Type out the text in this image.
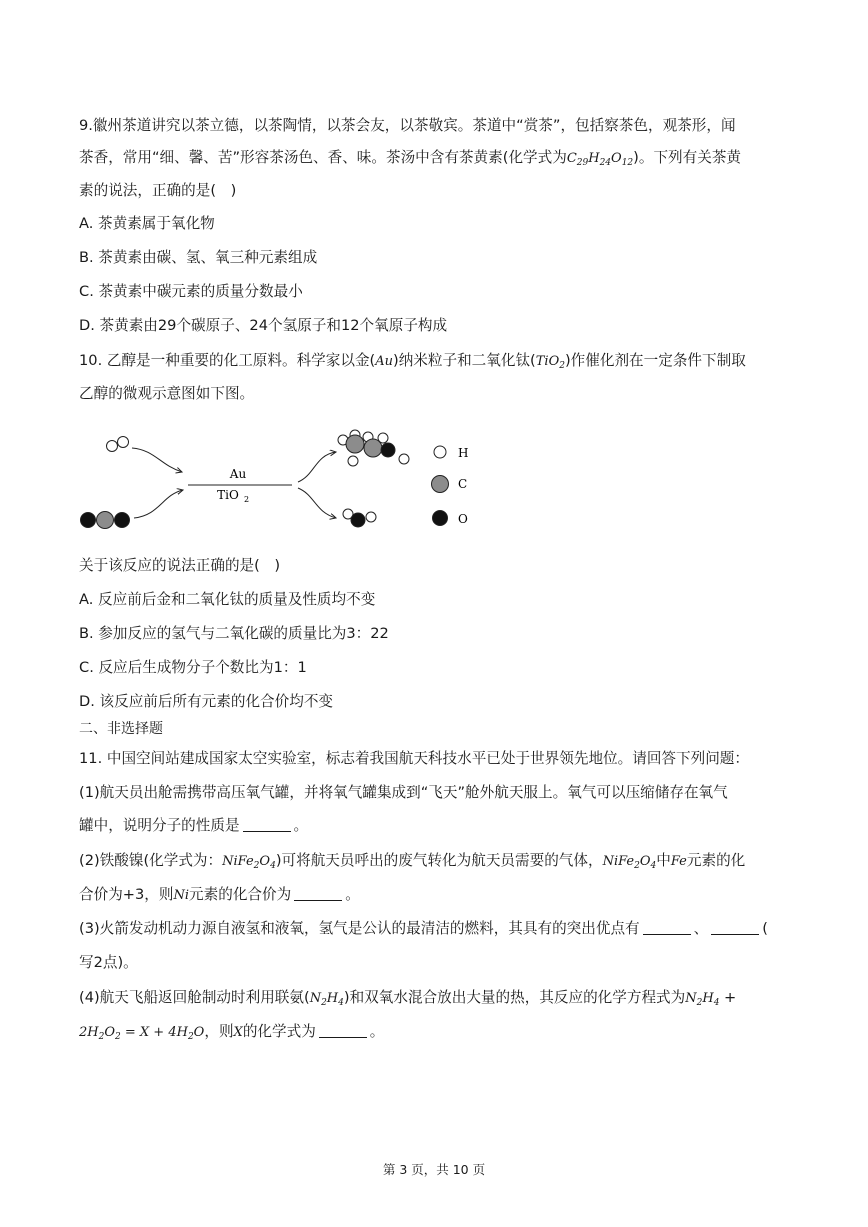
9.徽州茶道讲究以茶立德，以茶陶情，以茶会友，以茶敬宾。茶道中“赏茶”，包括察茶色，观茶形，闻
茶香，常用“细、馨、苦”形容茶汤色、香、味。茶汤中含有茶黄素(化学式为$C_{29}H_{24}O_{12}$)。下列有关茶黄
素的说法，正确的是(　)
A. 茶黄素属于氧化物
B. 茶黄素由碳、氢、氧三种元素组成
C. 茶黄素中碳元素的质量分数最小
D. 茶黄素由29个碳原子、24个氢原子和12个氧原子构成
10. 乙醇是一种重要的化工原料。科学家以金(Au)纳米粒子和二氧化钛(TiO$_2$)作催化剂在一定条件下制取
乙醇的微观示意图如下图。
Au
TiO 2
H
C
O
关于该反应的说法正确的是(　)
A. 反应前后金和二氧化钛的质量及性质均不变
B. 参加反应的氢气与二氧化碳的质量比为3：22
C. 反应后生成物分子个数比为1：1
D. 该反应前后所有元素的化合价均不变
二、非选择题
11. 中国空间站建成国家太空实验室，标志着我国航天科技水平已处于世界领先地位。请回答下列问题：
(1)航天员出舱需携带高压氧气罐，并将氧气罐集成到“飞天”舱外航天服上。氧气可以压缩储存在氧气
罐中，说明分子的性质是	。
(2)铁酸镍(化学式为：$NiFe_2O_4$)可将航天员呼出的废气转化为航天员需要的气体，$NiFe_2O_4$中Fe元素的化
合价为+3，则Ni元素的化合价为	。
(3)火箭发动机动力源自液氢和液氧，氢气是公认的最清洁的燃料，其具有的突出优点有	、	(
写2点)。
(4)航天飞船返回舱制动时利用联氨$(N_2H_4)$和双氧水混合放出大量的热，其反应的化学方程式为$N_2H_4$ +
$2H_2O_2 = X + 4H_2O$，则X的化学式为	。
第 3 页，共 10 页
